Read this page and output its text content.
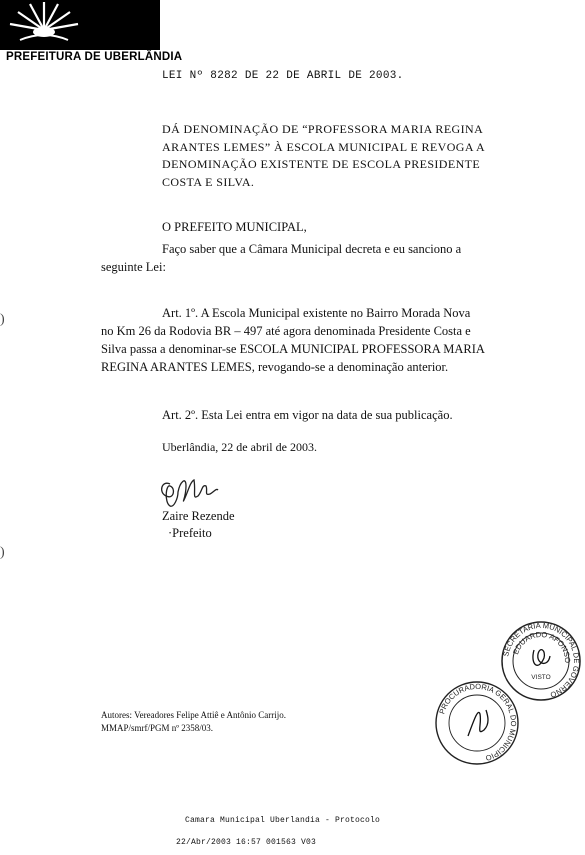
PREFEITURA DE UBERLÂNDIA
LEI Nº 8282 DE 22 DE ABRIL DE 2003.
DÁ DENOMINAÇÃO DE “PROFESSORA MARIA REGINA
ARANTES LEMES” À ESCOLA MUNICIPAL E REVOGA A
DENOMINAÇÃO EXISTENTE DE ESCOLA PRESIDENTE
COSTA E SILVA.
O PREFEITO MUNICIPAL,
Faço saber que a Câmara Municipal decreta e eu sanciono a
seguinte Lei:
)
)
Art. 1º. A Escola Municipal existente no Bairro Morada Nova
no Km 26 da Rodovia BR – 497 até agora denominada Presidente Costa e
Silva passa a denominar-se ESCOLA MUNICIPAL PROFESSORA MARIA
REGINA ARANTES LEMES, revogando-se a denominação anterior.
Art. 2º. Esta Lei entra em vigor na data de sua publicação.
Uberlândia, 22 de abril de 2003.
Zaire Rezende
·Prefeito
SECRETARIA MUNICIPAL DE GOVERNO
EDUARDO AFONSO
VISTO
PROCURADORIA GERAL DO MUNICÍPIO
Autores: Vereadores Felipe Attiê e Antônio Carrijo.
MMAP/smrf/PGM nº 2358/03.
Camara Municipal Uberlandia - Protocolo
22/Abr/2003 16:57 001563 V03
